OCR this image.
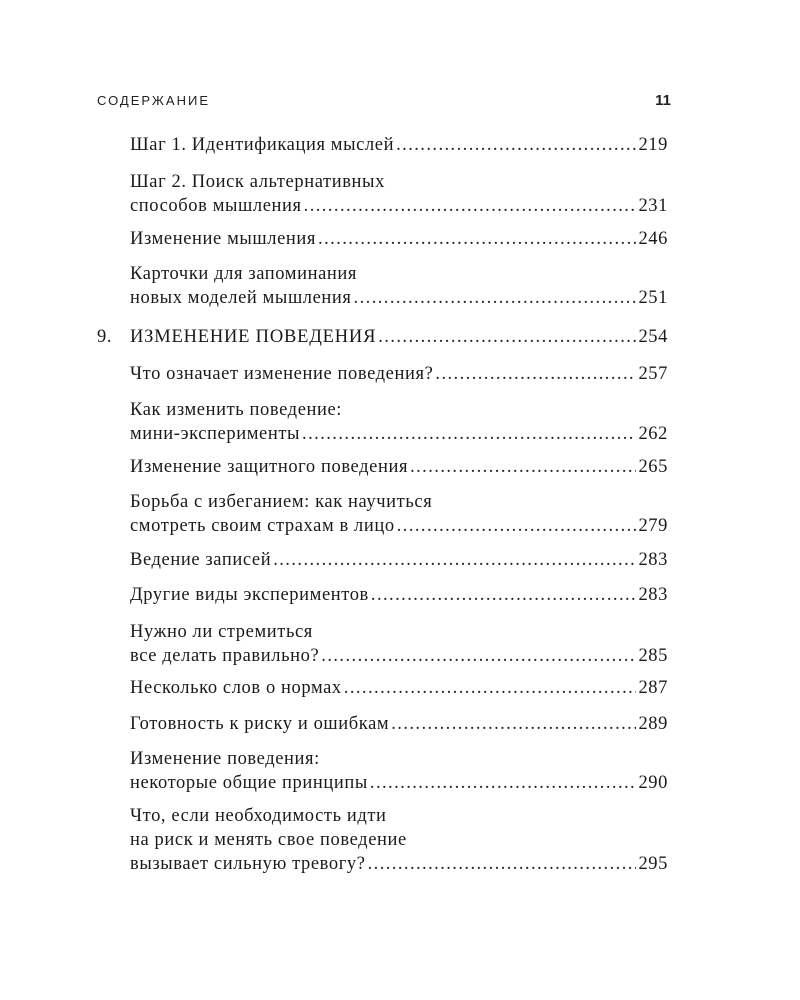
СОДЕРЖАНИЕ	11
Шаг 1. Идентификация мыслей . . .	219
Шаг 2. Поиск альтернативных
способов мышления . . .	231
Изменение мышления . . .	246
Карточки для запоминания
новых моделей мышления . . .	251
9. ИЗМЕНЕНИЕ ПОВЕДЕНИЯ . . .	254
Что означает изменение поведения? . . .	257
Как изменить поведение:
мини-эксперименты . . .	262
Изменение защитного поведения . . .	265
Борьба с избеганием: как научиться
смотреть своим страхам в лицо . . .	279
Ведение записей . . .	283
Другие виды экспериментов . . .	283
Нужно ли стремиться
все делать правильно? . . .	285
Несколько слов о нормах . . .	287
Готовность к риску и ошибкам . . .	289
Изменение поведения:
некоторые общие принципы . . .	290
Что, если необходимость идти
на риск и менять свое поведение
вызывает сильную тревогу? . . .	295
